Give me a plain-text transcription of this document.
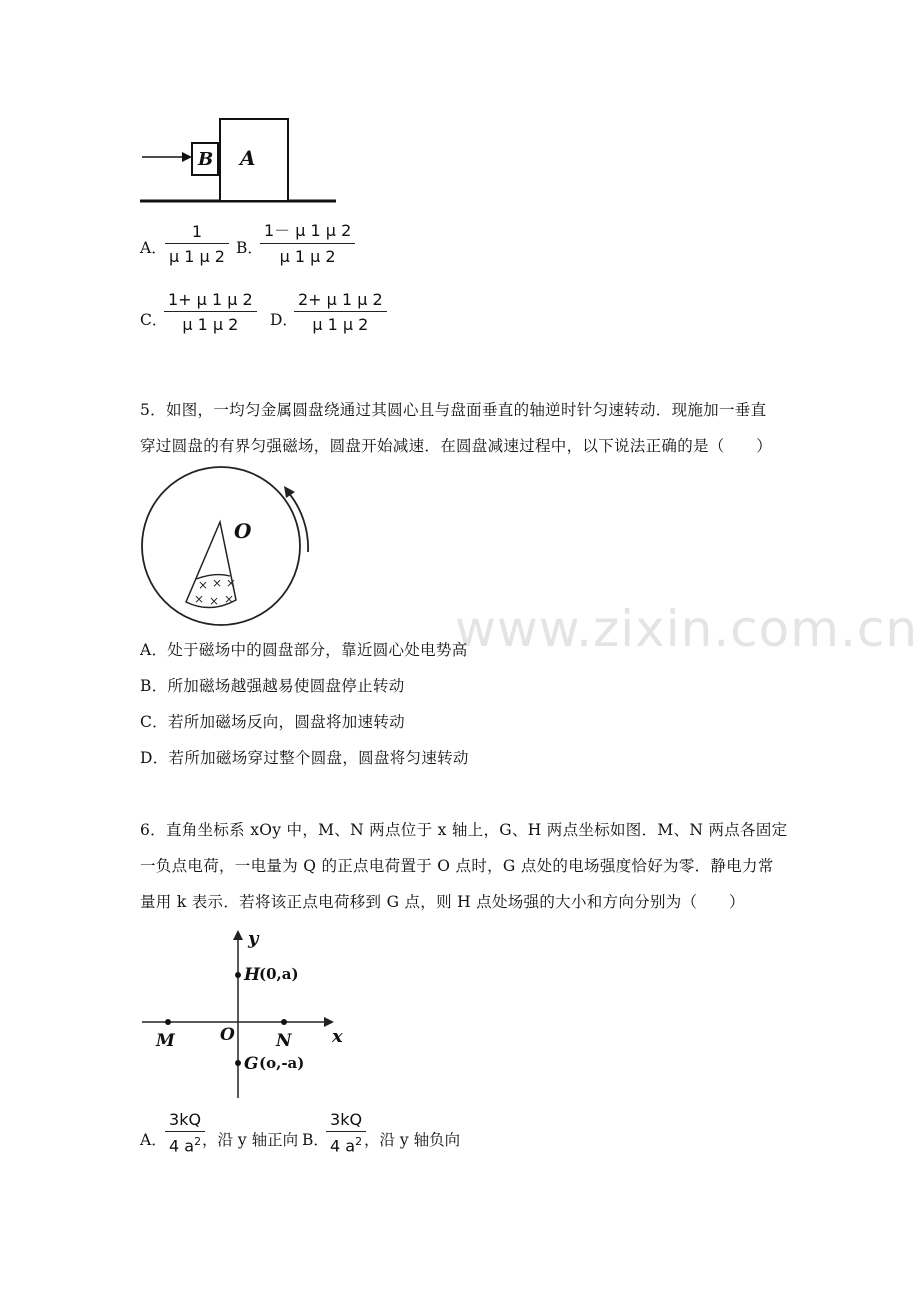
www.zixin.com.cn
B A
A．
1
μ 1 μ 2 B．
1－ μ 1 μ 2
μ 1 μ 2
C．
1+ μ 1 μ 2
μ 1 μ 2 D．
2+ μ 1 μ 2
μ 1 μ 2
5．如图，一均匀金属圆盘绕通过其圆心且与盘面垂直的轴逆时针匀速转动．现施加一垂直
穿过圆盘的有界匀强磁场，圆盘开始减速．在圆盘减速过程中，以下说法正确的是（　　）
× × ×
× × ×
O
A．处于磁场中的圆盘部分，靠近圆心处电势高
B．所加磁场越强越易使圆盘停止转动
C．若所加磁场反向，圆盘将加速转动
D．若所加磁场穿过整个圆盘，圆盘将匀速转动
6．直角坐标系 xOy 中，M、N 两点位于 x 轴上，G、H 两点坐标如图．M、N 两点各固定
一负点电荷，一电量为 Q 的正点电荷置于 O 点时，G 点处的电场强度恰好为零．静电力常
量用 k 表示．若将该正点电荷移到 G 点，则 H 点处场强的大小和方向分别为（　　）
y
x
O
M	N
H
(0,a)
G (o,-a)
A．
3kQ
4 $a^2$ ，沿 y 轴正向 B．
3kQ
4 $a^2$ ，沿 y 轴负向
